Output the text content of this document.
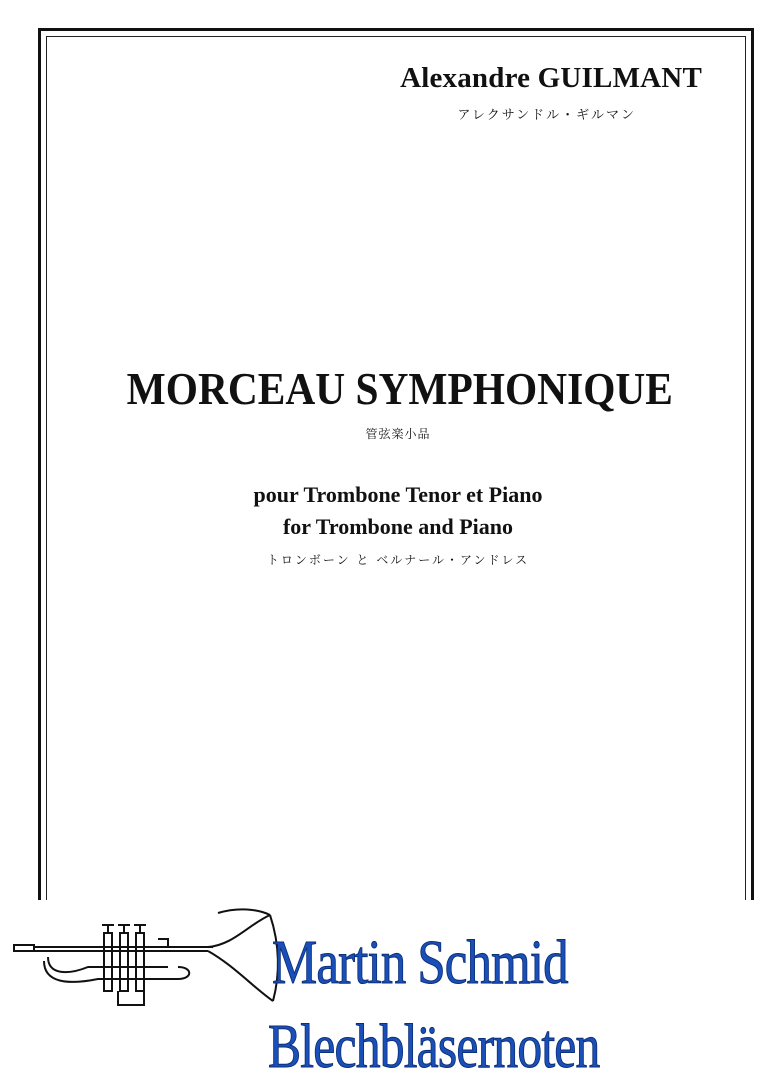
Alexandre GUILMANT
アレクサンドル・ギルマン
MORCEAU SYMPHONIQUE
管弦楽小品
pour Trombone Tenor et Piano
for Trombone and Piano
トロンボーン と ベルナール・アンドレス
Martin Schmid
Blechbläsernoten
